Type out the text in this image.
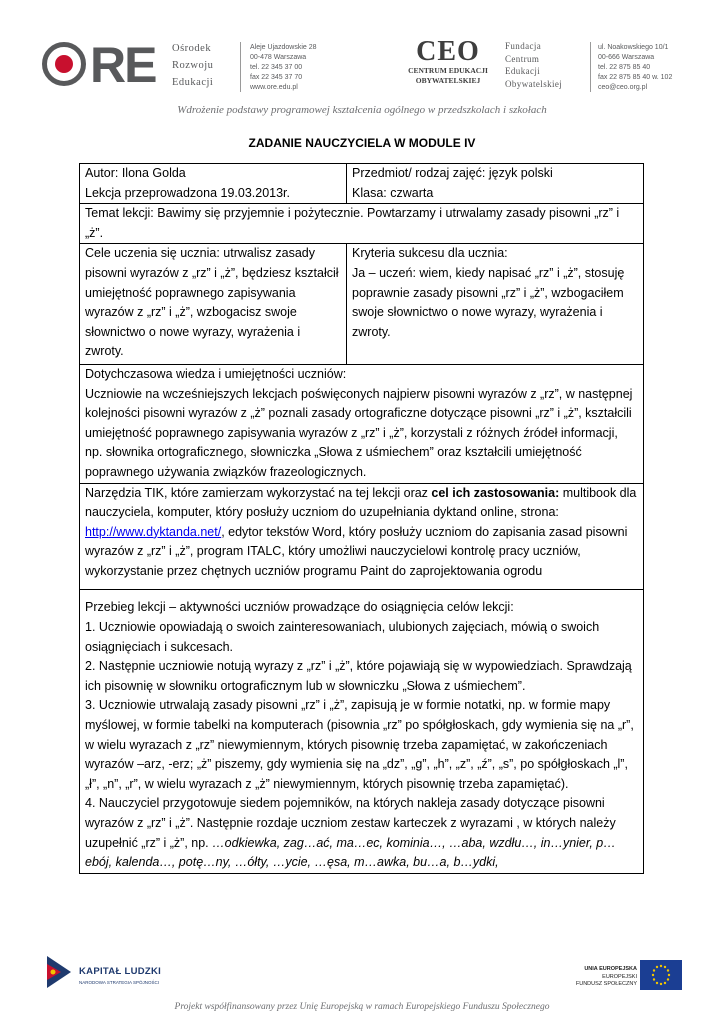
RE Ośrodek
Rozwoju
Edukacji
Aleje Ujazdowskie 28
00-478 Warszawa
tel. 22 345 37 00
fax 22 345 37 70
www.ore.edu.pl
CEO
CENTRUM EDUKACJI
OBYWATELSKIEJ
Fundacja
Centrum
Edukacji
Obywatelskiej
ul. Noakowskiego 10/1
00-666 Warszawa
tel. 22 875 85 40
fax 22 875 85 40 w. 102
ceo@ceo.org.pl
Wdrożenie podstawy programowej kształcenia ogólnego w przedszkolach i szkołach
ZADANIE NAUCZYCIELA W MODULE IV

Autor: Ilona Golda

Lekcja przeprowadzona 19.03.2013r.

Przedmiot/ rodzaj zajęć: język polski

Klasa: czwarta

Temat lekcji: Bawimy się przyjemnie i pożytecznie. Powtarzamy i utrwalamy zasady pisowni „rz” i „ż”.

Cele uczenia się ucznia: utrwalisz zasady pisowni wyrazów z „rz” i „ż”, będziesz kształcił umiejętność poprawnego zapisywania wyrazów z „rz” i „ż”, wzbogacisz swoje słownictwo o nowe wyrazy, wyrażenia i zwroty.

Kryteria sukcesu dla ucznia:
Ja – uczeń: wiem, kiedy napisać „rz” i „ż”, stosuję poprawnie zasady pisowni „rz” i „ż”, wzbogaciłem swoje słownictwo o nowe wyrazy, wyrażenia i zwroty.

Dotychczasowa wiedza i umiejętności uczniów:

Uczniowie na wcześniejszych lekcjach poświęconych najpierw pisowni wyrazów z „rz”, w następnej kolejności pisowni wyrazów z „ż” poznali zasady ortograficzne dotyczące pisowni „rz” i „ż”, kształcili umiejętność poprawnego zapisywania wyrazów z „rz” i „ż”, korzystali z różnych źródeł informacji, np. słownika ortograficznego, słowniczka „Słowa z uśmiechem” oraz kształcili umiejętność poprawnego używania związków frazeologicznych.

Narzędzia TIK, które zamierzam wykorzystać na tej lekcji oraz cel ich zastosowania: multibook dla nauczyciela, komputer, który posłuży uczniom do uzupełniania dyktand online, strona: http://www.dyktanda.net/, edytor tekstów Word, który posłuży uczniom do zapisania zasad pisowni wyrazów z „rz” i „ż”, program ITALC, który umożliwi nauczycielowi kontrolę pracy uczniów, wykorzystanie przez chętnych uczniów programu Paint do zaprojektowania ogrodu

Przebieg lekcji – aktywności uczniów prowadzące do osiągnięcia celów lekcji:

1. Uczniowie opowiadają o swoich zainteresowaniach, ulubionych zajęciach, mówią o swoich osiągnięciach i sukcesach.

2. Następnie uczniowie notują wyrazy z „rz” i „ż”, które pojawiają się w wypowiedziach. Sprawdzają ich pisownię w słowniku ortograficznym lub w słowniczku „Słowa z uśmiechem”.

3. Uczniowie utrwalają zasady pisowni „rz” i „ż”, zapisują je w formie notatki, np. w formie mapy myślowej, w formie tabelki na komputerach (pisownia „rz” po spółgłoskach, gdy wymienia się na „r”, w wielu wyrazach z „rz” niewymiennym, których pisownię trzeba zapamiętać, w zakończeniach wyrazów –arz, -erz; „ż” piszemy, gdy wymienia się na „dz”, „g”, „h”, „z”, „ź”, „s”, po spółgłoskach „l”, „ł”, „n”, „r”, w wielu wyrazach z „ż” niewymiennym, których pisownię trzeba zapamiętać).

4. Nauczyciel przygotowuje siedem pojemników, na których nakleja zasady dotyczące pisowni wyrazów z „rz” i „ż”. Następnie rozdaje uczniom zestaw karteczek z wyrazami , w których należy uzupełnić „rz” i „ż”, np. …odkiewka, zag…ać, ma…ec, kominia…, …aba, wzdłu…, in…ynier, p…ebój, kalenda…, potę…ny, …ółty, …ycie, …ęsa, m…awka, bu…a, b…ydki,

KAPITAŁ LUDZKI
NARODOWA STRATEGIA SPÓJNOŚCI
UNIA EUROPEJSKA
EUROPEJSKI
FUNDUSZ SPOŁECZNY
Projekt współfinansowany przez Unię Europejską w ramach Europejskiego Funduszu Społecznego
